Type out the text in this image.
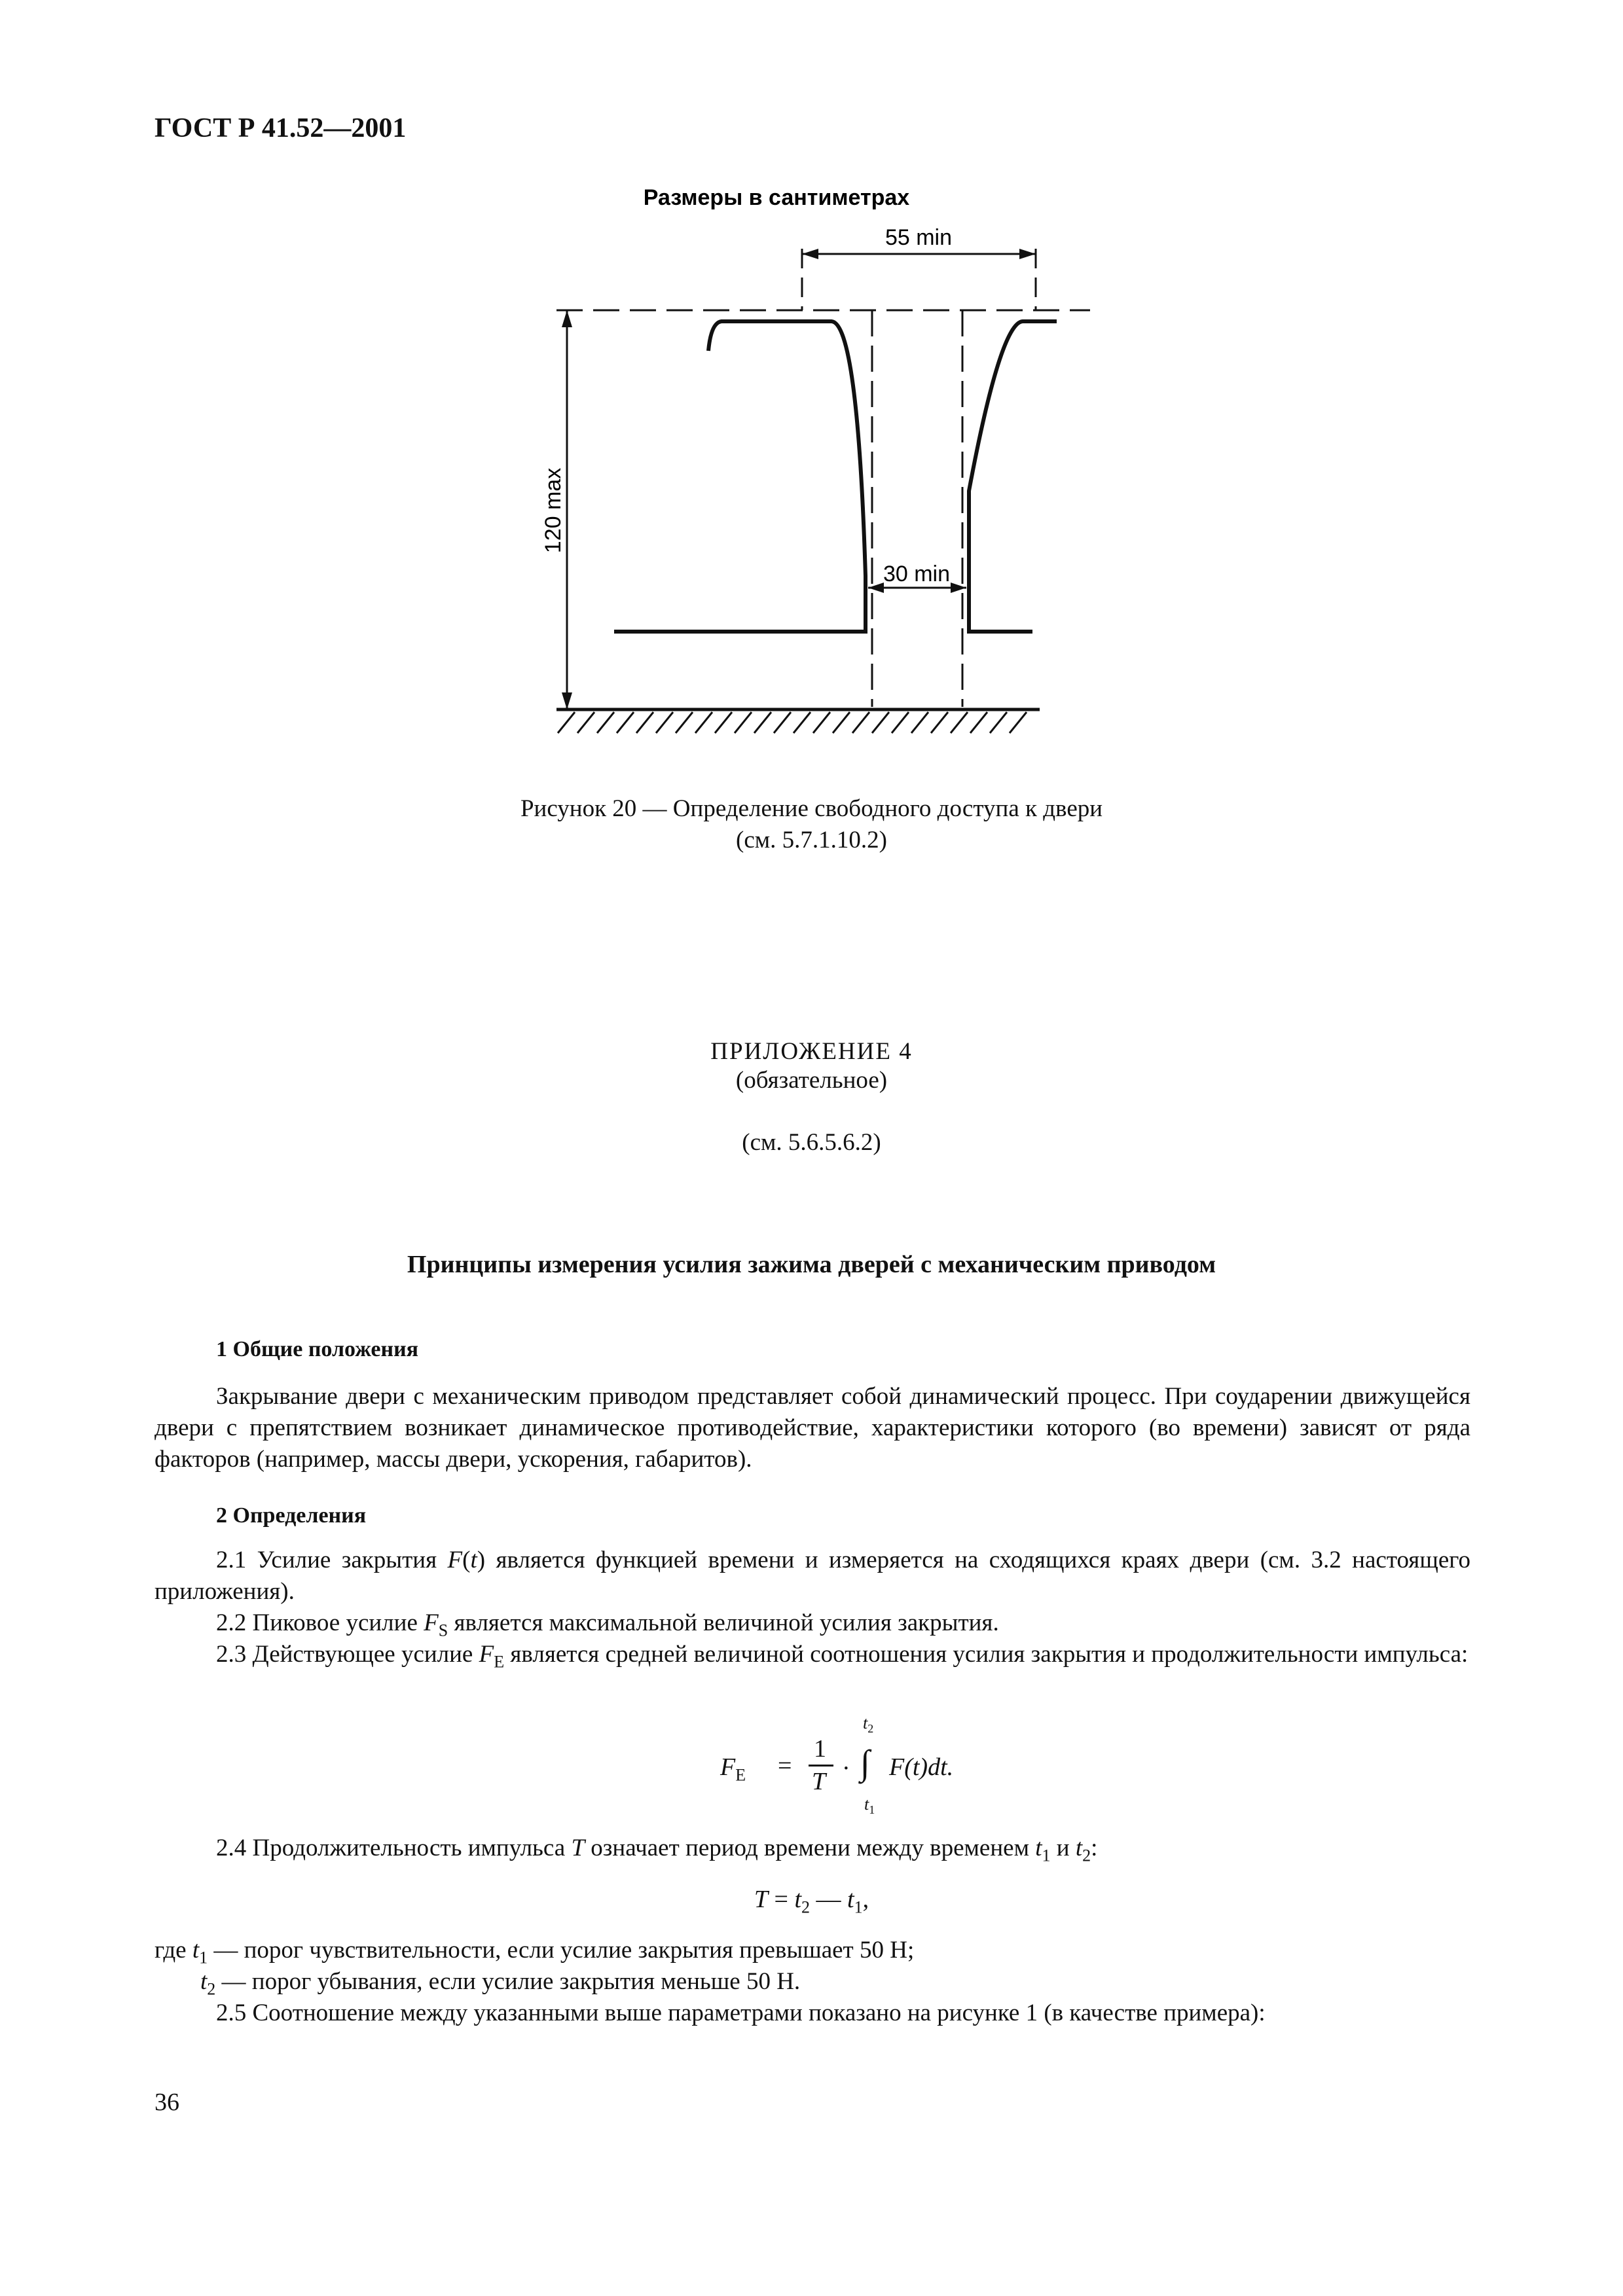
ГОСТ Р 41.52—2001
Размеры в сантиметрах
55 min
120 max
30 min
Рисунок 20 — Определение свободного доступа к двери
(см. 5.7.1.10.2)
ПРИЛОЖЕНИЕ 4
(обязательное)
(см. 5.6.5.6.2)
Принципы измерения усилия зажима дверей с механическим приводом
1 Общие положения

Закрывание двери с механическим приводом представляет собой динамический процесс. При соударении движущейся двери с препятствием возникает динамическое противодействие, характеристики которого (во времени) зависят от ряда факторов (например, массы двери, ускорения, габаритов).

2 Определения

2.1 Усилие закрытия F(t) является функцией времени и измеряется на сходящихся краях двери (см. 3.2 настоящего приложения).

2.2 Пиковое усилие $F_S$ является максимальной величиной усилия закрытия.

2.3 Действующее усилие $F_E$ является средней величиной соотношения усилия закрытия и продолжительности импульса:

$F_E$ =
1
T ·
$t_2$
∫
$t_1$
F(t)dt.

2.4 Продолжительность импульса T означает период времени между временем $t_1$ и $t_2$:

$T = t_2$ — $t_1$,
где $t_1$ — порог чувствительности, если усилие закрытия превышает 50 Н;
$t_2$ — порог убывания, если усилие закрытия меньше 50 Н.
2.5 Соотношение между указанными выше параметрами показано на рисунке 1 (в качестве примера):
36
